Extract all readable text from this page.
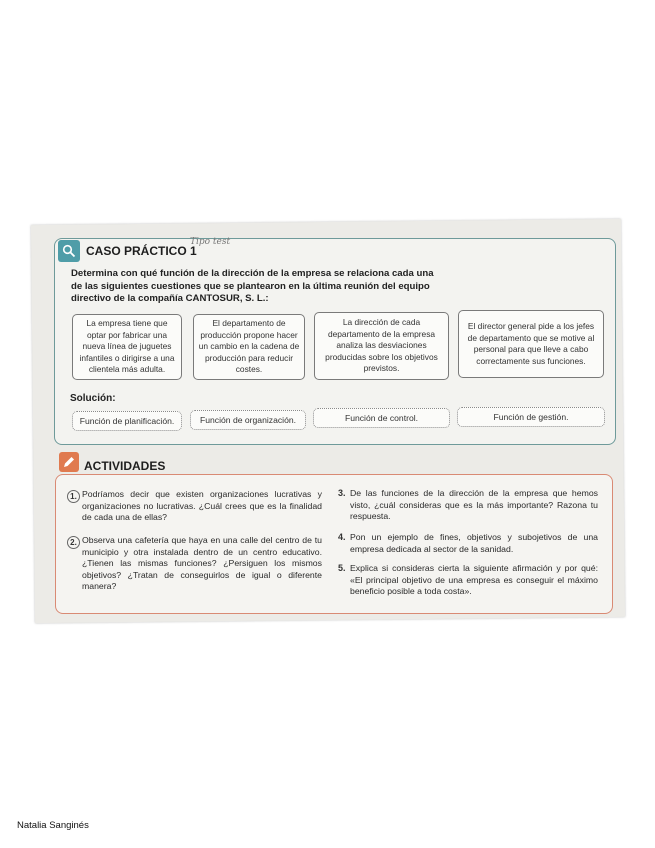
CASO PRÁCTICO 1
Tipo test
Determina con qué función de la dirección de la empresa se relaciona cada una de las siguientes cuestiones que se plantearon en la última reunión del equipo directivo de la compañía CANTOSUR, S. L.:
La empresa tiene que optar por fabricar una nueva línea de juguetes infantiles o dirigirse a una clientela más adulta.
El departamento de producción propone hacer un cambio en la cadena de producción para reducir costes.
La dirección de cada departamento de la empresa analiza las desviaciones producidas sobre los objetivos previstos.
El director general pide a los jefes de departamento que se motive al personal para que lleve a cabo correctamente sus funciones.
Solución:
Función de planificación.	Función de organización.	Función de control.	Función de gestión.
ACTIVIDADES
1. Podríamos decir que existen organizaciones lucrativas y organizaciones no lucrativas. ¿Cuál crees que es la finalidad de cada una de ellas?
2. Observa una cafetería que haya en una calle del centro de tu municipio y otra instalada dentro de un centro educativo. ¿Tienen las mismas funciones? ¿Persiguen los mismos objetivos? ¿Tratan de conseguirlos de igual o diferente manera?
3. De las funciones de la dirección de la empresa que hemos visto, ¿cuál consideras que es la más importante? Razona tu respuesta.
4. Pon un ejemplo de fines, objetivos y subojetivos de una empresa dedicada al sector de la sanidad.
5. Explica si consideras cierta la siguiente afirmación y por qué: «El principal objetivo de una empresa es conseguir el máximo beneficio posible a toda costa».
Natalia Sanginés
